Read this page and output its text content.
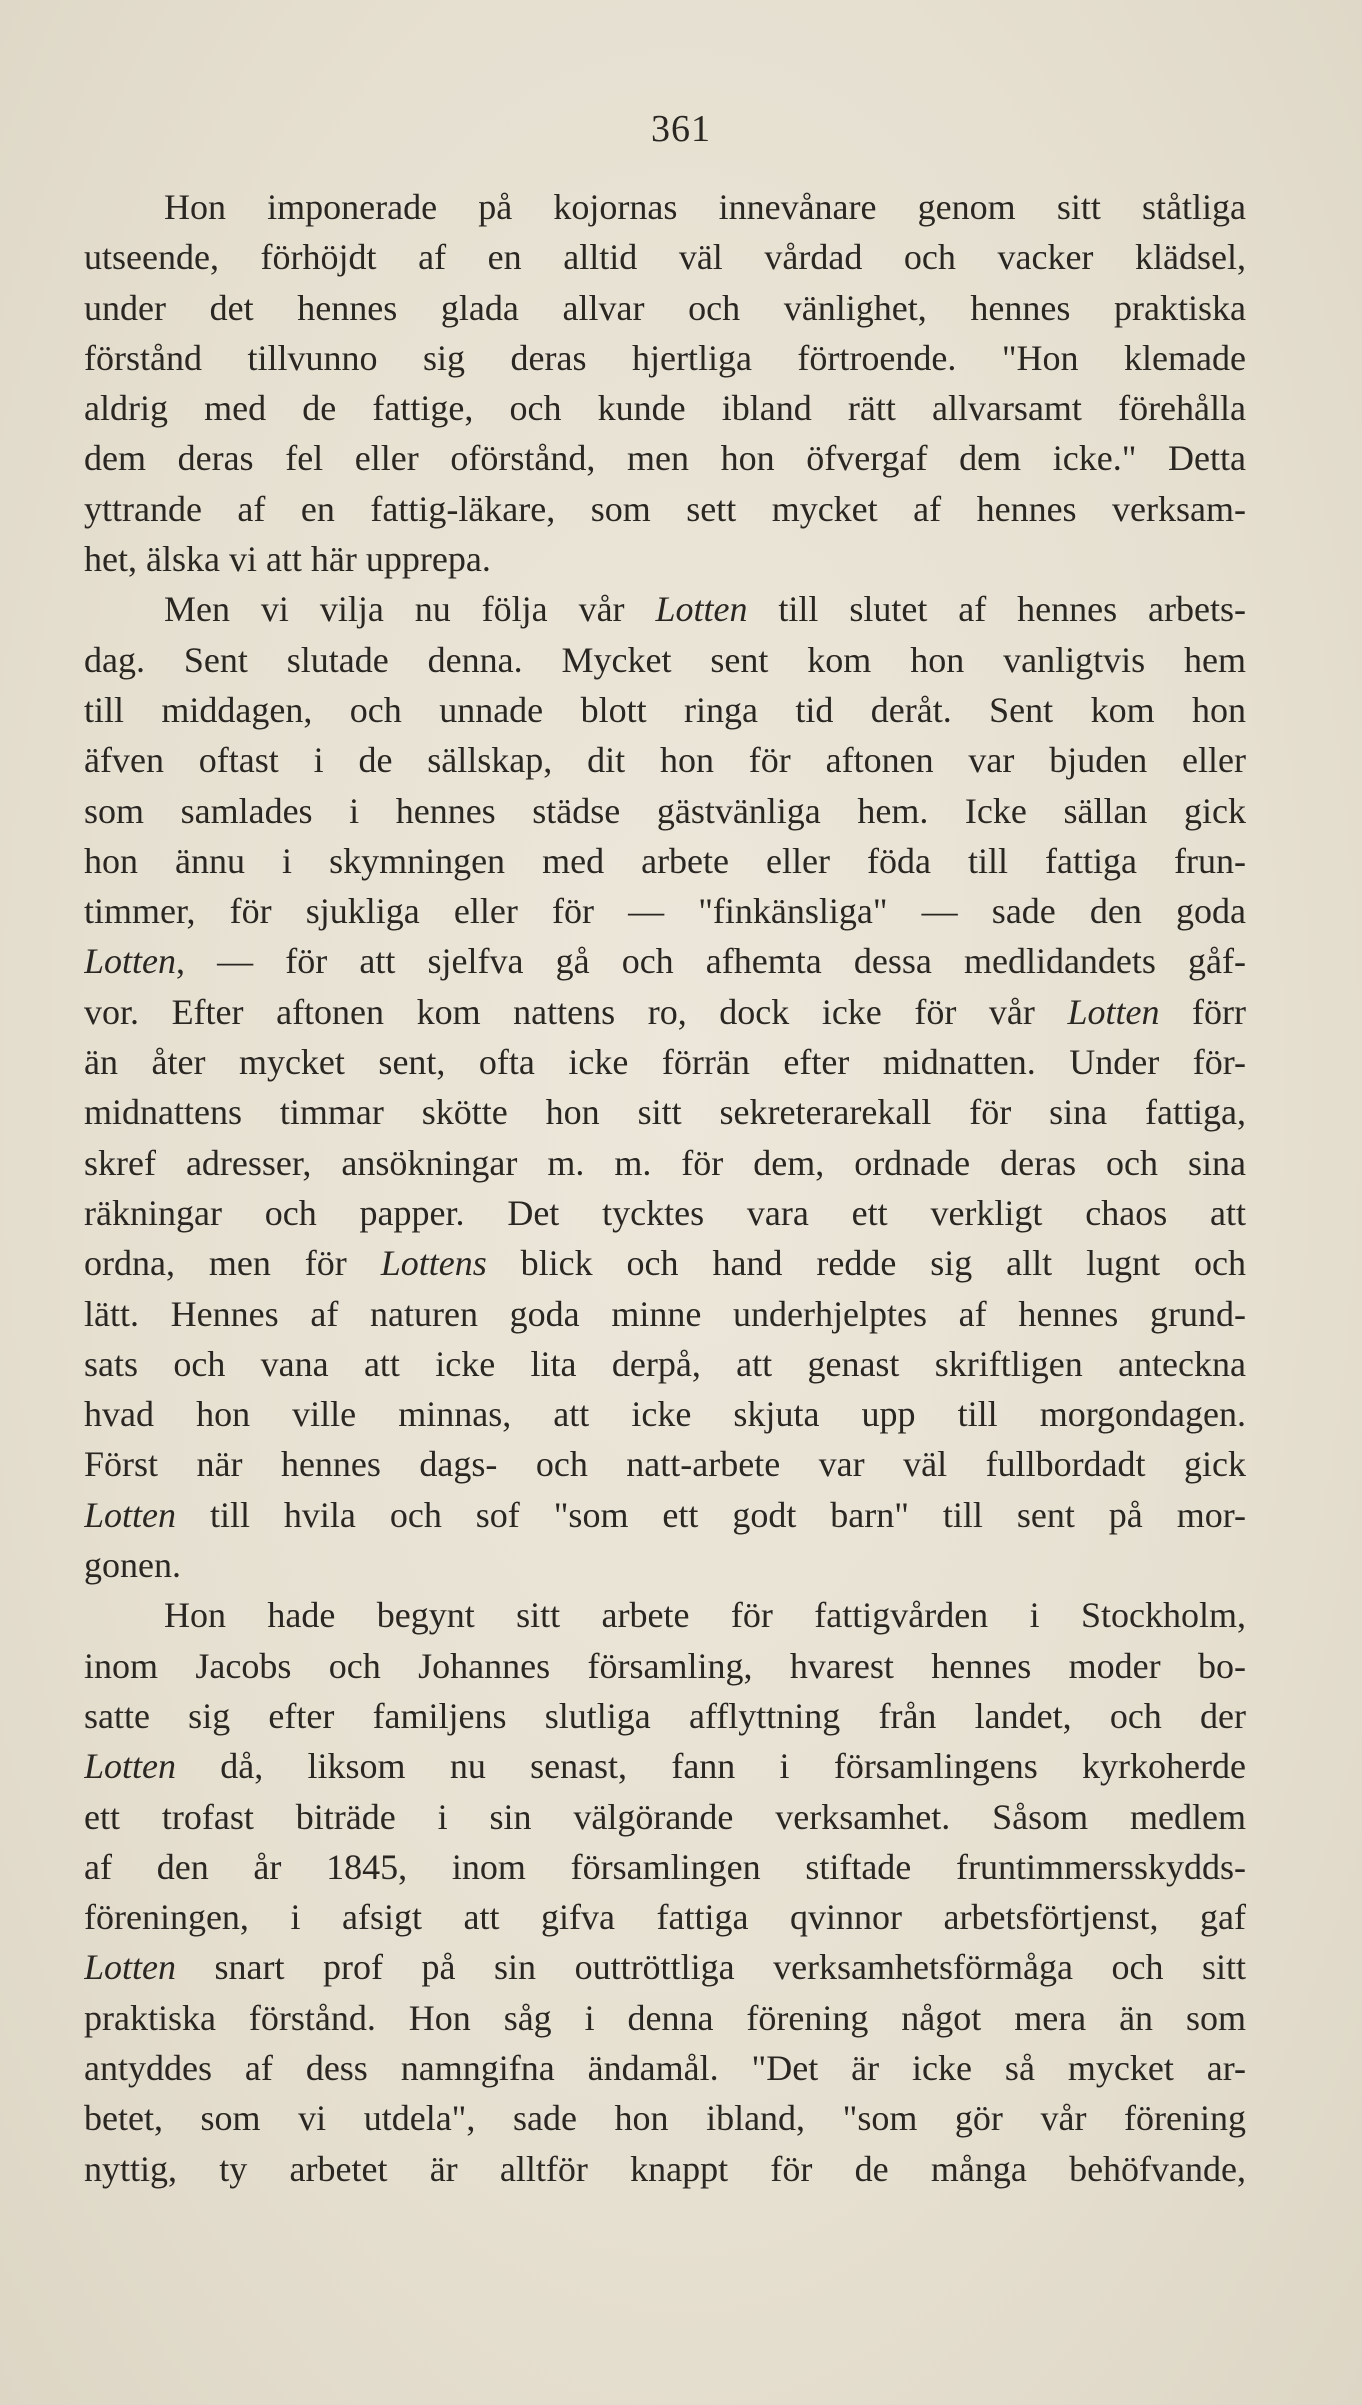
361
Hon imponerade på kojornas innevånare genom sitt ståtliga
utseende, förhöjdt af en alltid väl vårdad och vacker klädsel,
under det hennes glada allvar och vänlighet, hennes praktiska
förstånd tillvunno sig deras hjertliga förtroende. "Hon klemade
aldrig med de fattige, och kunde ibland rätt allvarsamt förehålla
dem deras fel eller oförstånd, men hon öfvergaf dem icke." Detta
yttrande af en fattig-läkare, som sett mycket af hennes verksam-
het, älska vi att här upprepa.
Men vi vilja nu följa vår Lotten till slutet af hennes arbets-
dag. Sent slutade denna. Mycket sent kom hon vanligtvis hem
till middagen, och unnade blott ringa tid deråt. Sent kom hon
äfven oftast i de sällskap, dit hon för aftonen var bjuden eller
som samlades i hennes städse gästvänliga hem. Icke sällan gick
hon ännu i skymningen med arbete eller föda till fattiga frun-
timmer, för sjukliga eller för — "finkänsliga" — sade den goda
Lotten, — för att sjelfva gå och afhemta dessa medlidandets gåf-
vor. Efter aftonen kom nattens ro, dock icke för vår Lotten förr
än åter mycket sent, ofta icke förrän efter midnatten. Under för-
midnattens timmar skötte hon sitt sekreterarekall för sina fattiga,
skref adresser, ansökningar m. m. för dem, ordnade deras och sina
räkningar och papper. Det tycktes vara ett verkligt chaos att
ordna, men för Lottens blick och hand redde sig allt lugnt och
lätt. Hennes af naturen goda minne underhjelptes af hennes grund-
sats och vana att icke lita derpå, att genast skriftligen anteckna
hvad hon ville minnas, att icke skjuta upp till morgondagen.
Först när hennes dags- och natt-arbete var väl fullbordadt gick
Lotten till hvila och sof "som ett godt barn" till sent på mor-
gonen.
Hon hade begynt sitt arbete för fattigvården i Stockholm,
inom Jacobs och Johannes församling, hvarest hennes moder bo-
satte sig efter familjens slutliga afflyttning från landet, och der
Lotten då, liksom nu senast, fann i församlingens kyrkoherde
ett trofast biträde i sin välgörande verksamhet. Såsom medlem
af den år 1845, inom församlingen stiftade fruntimmersskydds-
föreningen, i afsigt att gifva fattiga qvinnor arbetsförtjenst, gaf
Lotten snart prof på sin outtröttliga verksamhetsförmåga och sitt
praktiska förstånd. Hon såg i denna förening något mera än som
antyddes af dess namngifna ändamål. "Det är icke så mycket ar-
betet, som vi utdela", sade hon ibland, "som gör vår förening
nyttig, ty arbetet är alltför knappt för de många behöfvande,
